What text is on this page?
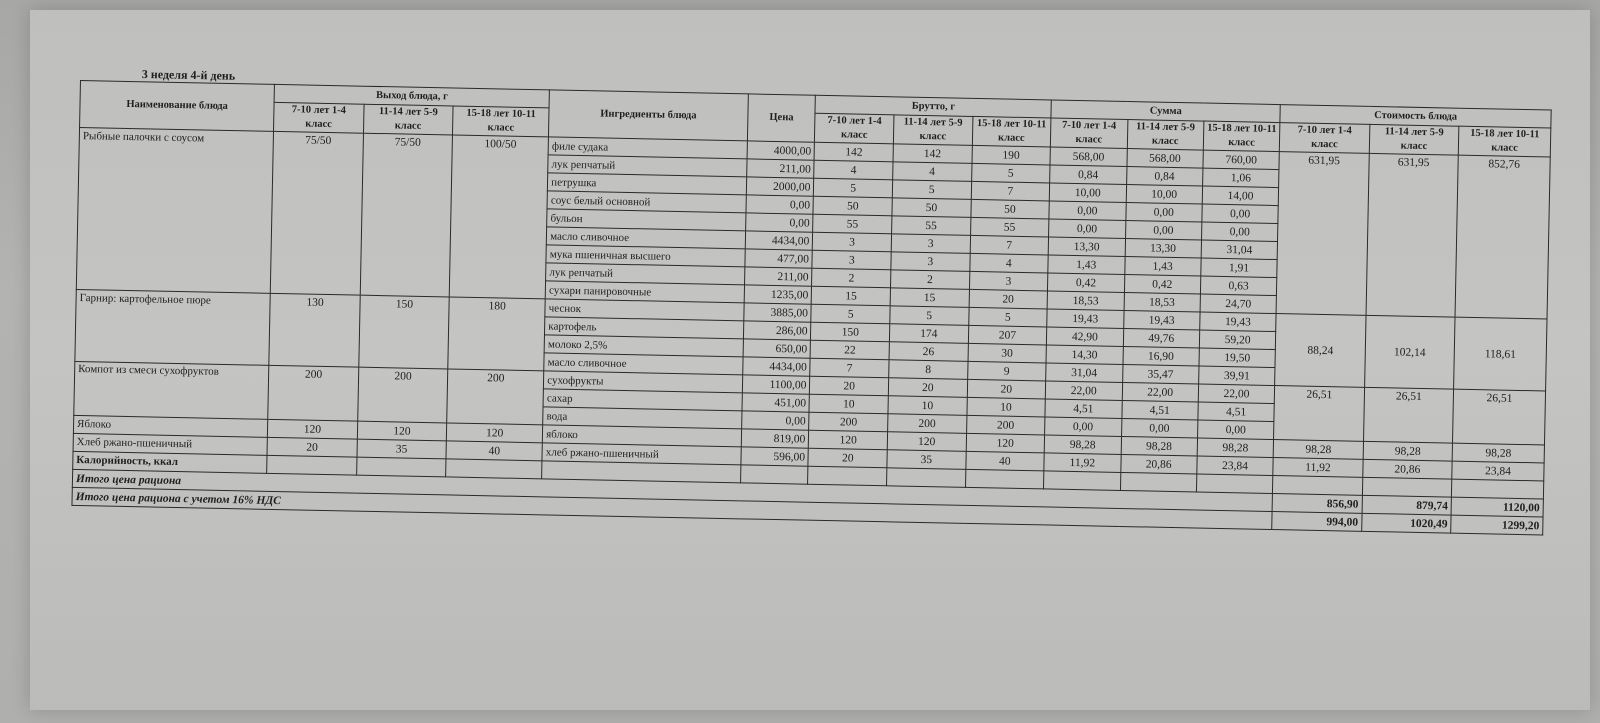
3 неделя 4-й день
Наименование блюда	Выход блюда, г			Ингредиенты блюда	Цена	Брутто, г			Сумма			Стоимость блюда		
	7-10 лет 1-4 класс	11-14 лет 5-9 класс	15-18 лет 10-11 класс			7-10 лет 1-4 класс	11-14 лет 5-9 класс	15-18 лет 10-11 класс	7-10 лет 1-4 класс	11-14 лет 5-9 класс	15-18 лет 10-11 класс	7-10 лет 1-4 класс	11-14 лет 5-9 класс	15-18 лет 10-11 класс
Рыбные палочки с соусом	75/50	75/50	100/50	филе судака	4000,00	142	142	190	568,00	568,00	760,00	631,95	631,95	852,76
				лук репчатый	211,00	4	4	5	0,84	0,84	1,06			
				петрушка	2000,00	5	5	7	10,00	10,00	14,00			
				соус белый основной	0,00	50	50	50	0,00	0,00	0,00			
				бульон	0,00	55	55	55	0,00	0,00	0,00			
				масло сливочное	4434,00	3	3	7	13,30	13,30	31,04			
				мука пшеничная высшего	477,00	3	3	4	1,43	1,43	1,91			
				лук репчатый	211,00	2	2	3	0,42	0,42	0,63			
				сухари панировочные	1235,00	15	15	20	18,53	18,53	24,70			
Гарнир: картофельное пюре	130	150	180	чеснок	3885,00	5	5	5	19,43	19,43	19,43	88,24	102,14	118,61
				картофель	286,00	150	174	207	42,90	49,76	59,20			
				молоко 2,5%	650,00	22	26	30	14,30	16,90	19,50			
				масло сливочное	4434,00	7	8	9	31,04	35,47	39,91			
Компот из смеси сухофруктов	200	200	200	сухофрукты	1100,00	20	20	20	22,00	22,00	22,00	26,51	26,51	26,51
				сахар	451,00	10	10	10	4,51	4,51	4,51			
				вода	0,00	200	200	200	0,00	0,00	0,00			
Яблоко	120	120	120	яблоко	819,00	120	120	120	98,28	98,28	98,28	98,28	98,28	98,28
Хлеб ржано-пшеничный	20	35	40	хлеб ржано-пшеничный	596,00	20	35	40	11,92	20,86	23,84	11,92	20,86	23,84
Калорийность, ккал														
Итого цена рациона												856,90	879,74	1120,00
Итого цена рациона с учетом 16% НДС												994,00	1020,49	1299,20
